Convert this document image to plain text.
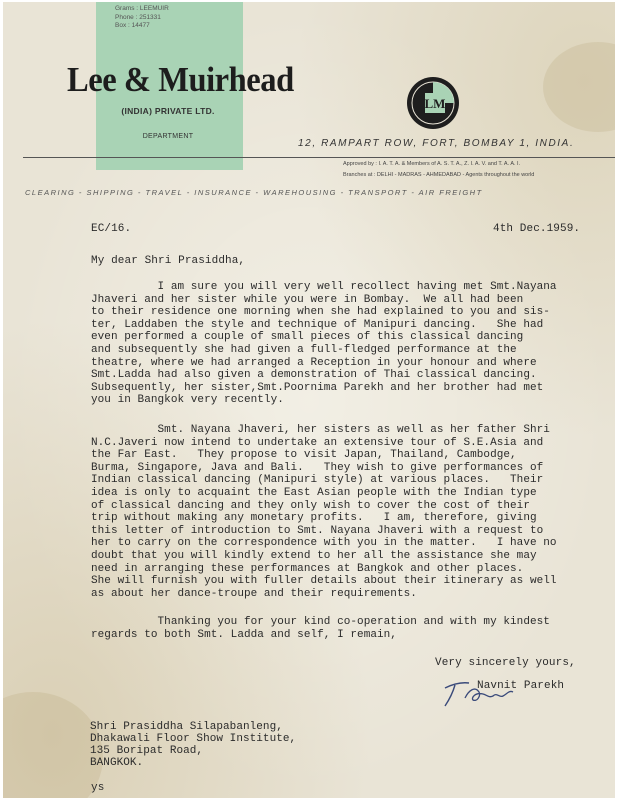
Grams : LEEMUIR
Phone : 251331
Box : 14477
Lee & Muirhead
(INDIA) PRIVATE LTD.
DEPARTMENT
LM
12, RAMPART ROW, FORT, BOMBAY 1, INDIA.
Approved by : I. A. T. A. & Members of A. S. T. A., Z. I. A. V. and T. A. A. I.
Branches at : DELHI - MADRAS - AHMEDABAD - Agents throughout the world
CLEARING - SHIPPING - TRAVEL - INSURANCE - WAREHOUSING - TRANSPORT - AIR FREIGHT
EC/16.	4th Dec.1959.
My dear Shri Prasiddha,
I am sure you will very well recollect having met Smt.Nayana
Jhaveri and her sister while you were in Bombay.  We all had been
to their residence one morning when she had explained to you and sis-
ter, Laddaben the style and technique of Manipuri dancing.   She had
even performed a couple of small pieces of this classical dancing
and subsequently she had given a full-fledged performance at the
theatre, where we had arranged a Reception in your honour and where
Smt.Ladda had also given a demonstration of Thai classical dancing.
Subsequently, her sister,Smt.Poornima Parekh and her brother had met
you in Bangkok very recently.
Smt. Nayana Jhaveri, her sisters as well as her father Shri
N.C.Javeri now intend to undertake an extensive tour of S.E.Asia and
the Far East.   They propose to visit Japan, Thailand, Cambodge,
Burma, Singapore, Java and Bali.   They wish to give performances of
Indian classical dancing (Manipuri style) at various places.   Their
idea is only to acquaint the East Asian people with the Indian type
of classical dancing and they only wish to cover the cost of their
trip without making any monetary profits.   I am, therefore, giving
this letter of introduction to Smt. Nayana Jhaveri with a request to
her to carry on the correspondence with you in the matter.   I have no
doubt that you will kindly extend to her all the assistance she may
need in arranging these performances at Bangkok and other places.
She will furnish you with fuller details about their itinerary as well
as about her dance-troupe and their requirements.
Thanking you for your kind co-operation and with my kindest
regards to both Smt. Ladda and self, I remain,
Very sincerely yours,
Navnit Parekh
Shri Prasiddha Silapabanleng,
Dhakawali Floor Show Institute,
135 Boripat Road,
BANGKOK.
ys
